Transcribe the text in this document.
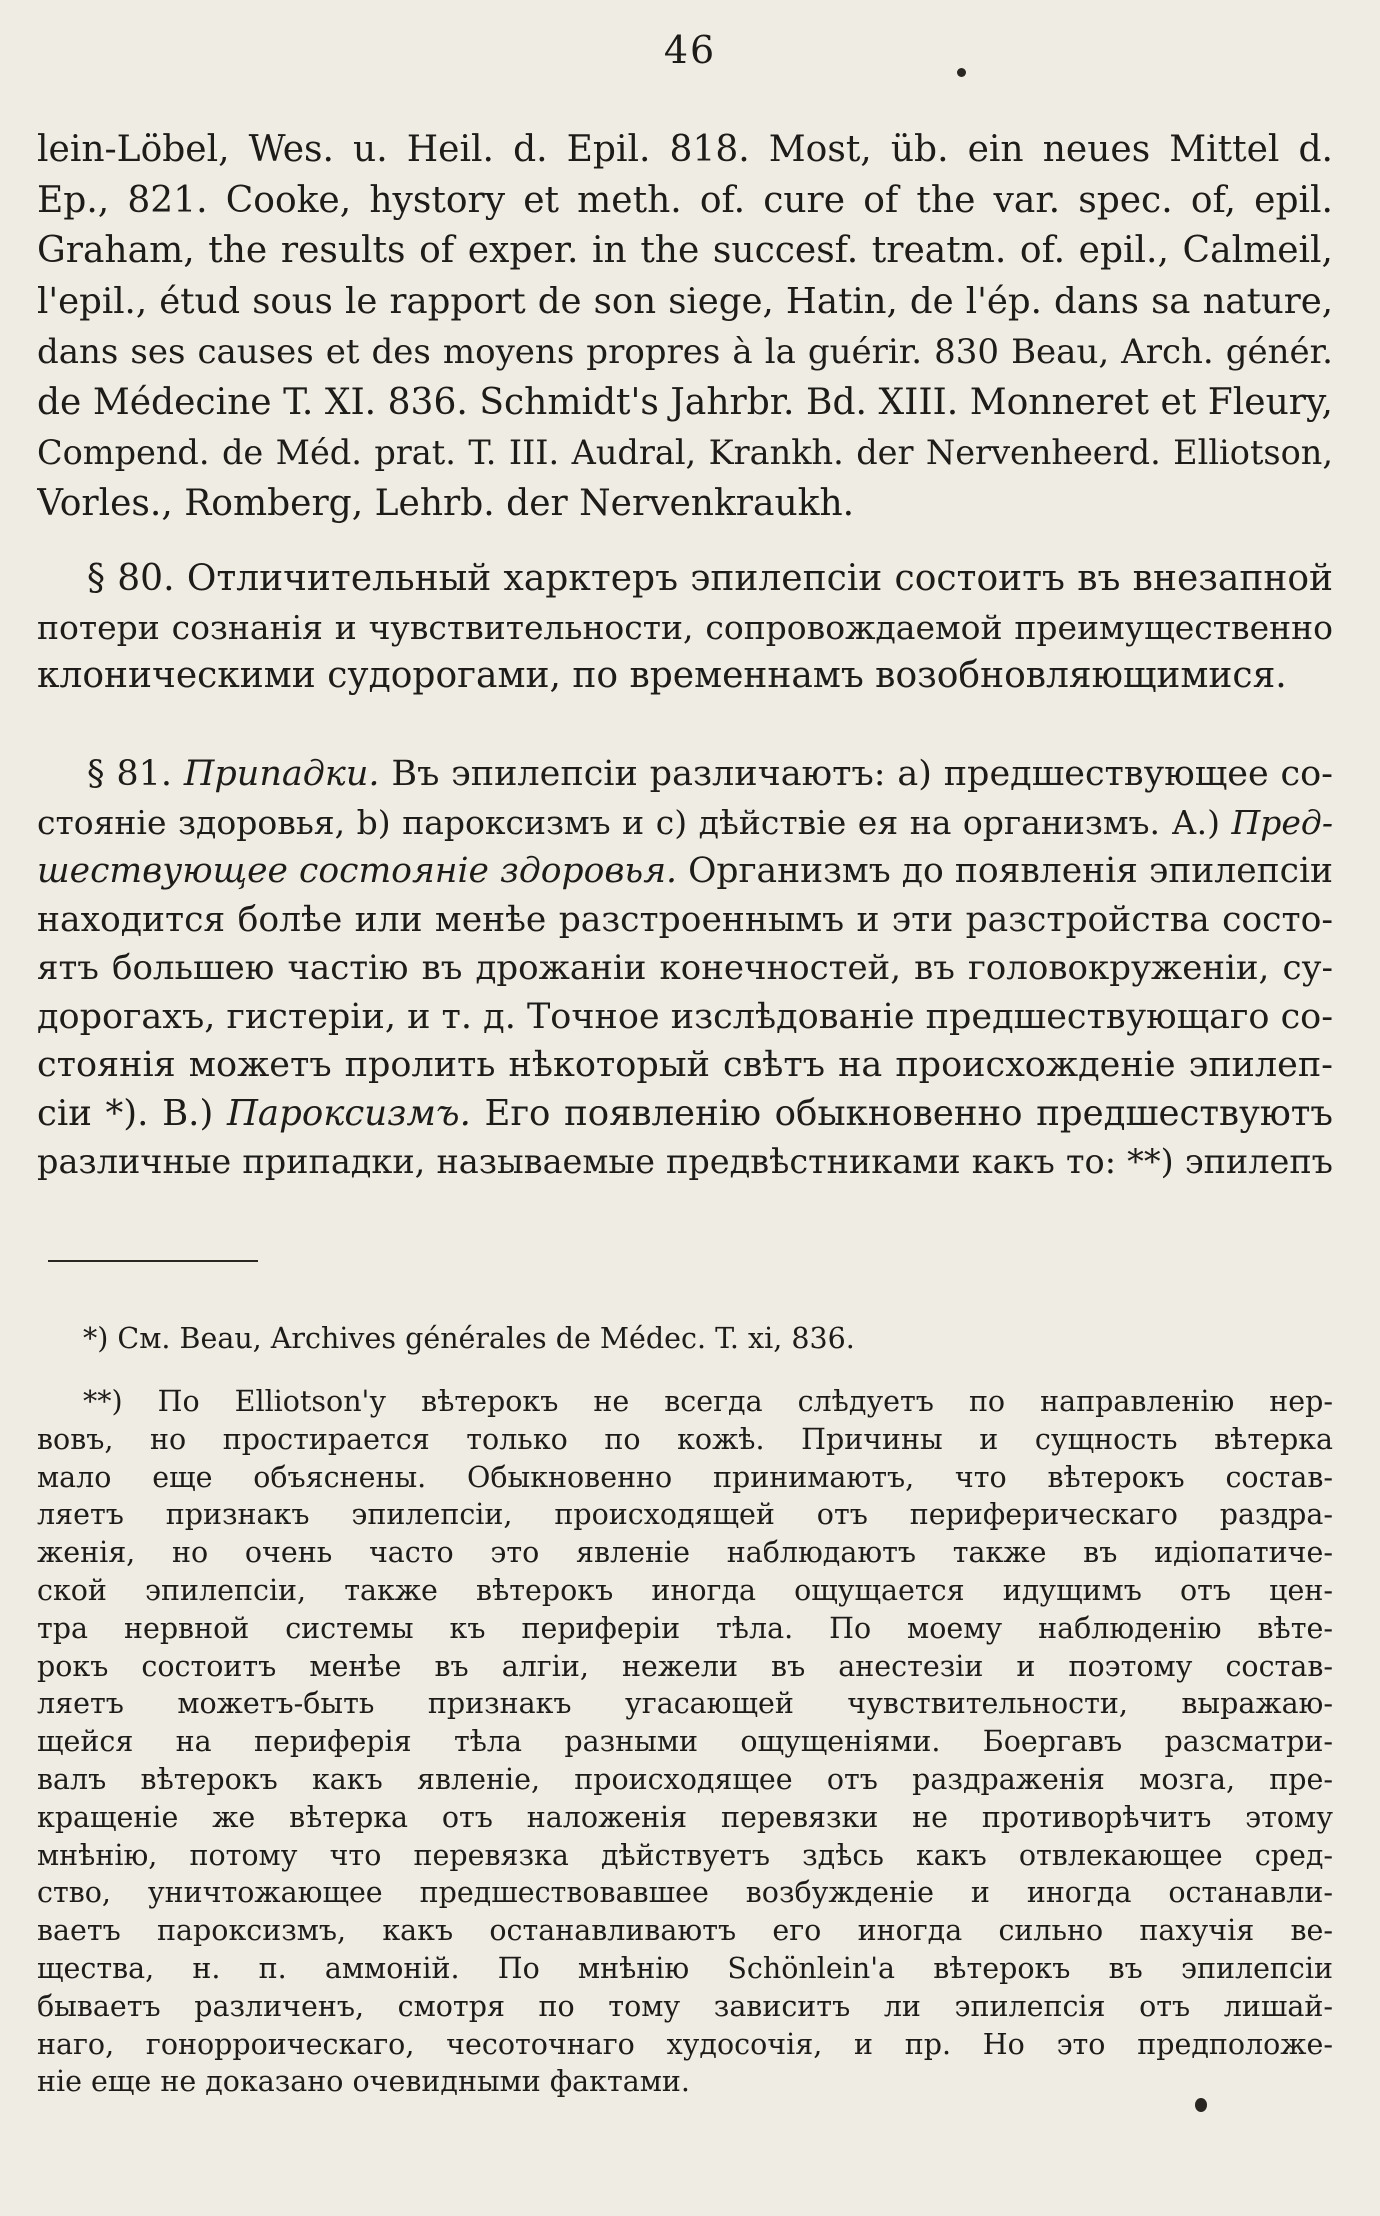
46
lein-Löbel, Wes. u. Heil. d. Epil. 818. Most, üb. ein neues Mittel d.
Ep., 821. Cooke, hystory et meth. of. cure of the var. spec. of, epil.
Graham, the results of exper. in the succesf. treatm. of. epil., Calmeil,
l'epil., étud sous le rapport de son siege, Hatin, de l'ép. dans sa nature,
dans ses causes et des moyens propres à la guérir. 830 Beau, Arch. génér.
de Médecine T. XI. 836. Schmidt's Jahrbr. Bd. XIII. Monneret et Fleury,
Compend. de Méd. prat. T. III. Audral, Krankh. der Nervenheerd. Elliotson,
Vorles., Romberg, Lehrb. der Nervenkraukh.
§ 80. Отличительный харктеръ эпилепсіи состоитъ въ внезапной
потери сознанія и чувствительности, сопровождаемой преимущественно
клоническими судорогами, по временнамъ возобновляющимися.
§ 81. Припадки. Въ эпилепсіи различаютъ: а) предшествующее со-
стояніе здоровья, b) пароксизмъ и с) дѣйствіе ея на организмъ. А.) Пред-
шествующее состояніе здоровья. Организмъ до появленія эпилепсіи
находится болѣе или менѣе разстроеннымъ и эти разстройства состо-
ятъ большею частію въ дрожаніи конечностей, въ головокруженіи, су-
дорогахъ, гистеріи, и т. д. Точное изслѣдованіе предшествующаго со-
стоянія можетъ пролить нѣкоторый свѣтъ на происхожденіе эпилеп-
сіи *). В.) Пароксизмъ. Его появленію обыкновенно предшествуютъ
различные припадки, называемые предвѣстниками какъ то: **) эпилепъ
*) См. Beau, Archives générales de Médec. T. xi, 836.
**) По Elliotson'у вѣтерокъ не всегда слѣдуетъ по направленію нер-
вовъ, но простирается только по кожѣ. Причины и сущность вѣтерка
мало еще объяснены. Обыкновенно принимаютъ, что вѣтерокъ состав-
ляетъ признакъ эпилепсіи, происходящей отъ периферическаго раздра-
женія, но очень часто это явленіе наблюдаютъ также въ идіопатиче-
ской эпилепсіи, также вѣтерокъ иногда ощущается идущимъ отъ цен-
тра нервной системы къ периферіи тѣла. По моему наблюденію вѣте-
рокъ состоитъ менѣе въ алгіи, нежели въ анестезіи и поэтому состав-
ляетъ можетъ-быть признакъ угасающей чувствительности, выражаю-
щейся на периферія тѣла разными ощущеніями. Боергавъ разсматри-
валъ вѣтерокъ какъ явленіе, происходящее отъ раздраженія мозга, пре-
кращеніе же вѣтерка отъ наложенія перевязки не противорѣчитъ этому
мнѣнію, потому что перевязка дѣйствуетъ здѣсь какъ отвлекающее сред-
ство, уничтожающее предшествовавшее возбужденіе и иногда останавли-
ваетъ пароксизмъ, какъ останавливаютъ его иногда сильно пахучія ве-
щества, н. п. аммоній. По мнѣнію Schönlein'а вѣтерокъ въ эпилепсіи
бываетъ различенъ, смотря по тому зависитъ ли эпилепсія отъ лишай-
наго, гонорроическаго, чесоточнаго худосочія, и пр. Но это предположе-
ніе еще не доказано очевидными фактами.
